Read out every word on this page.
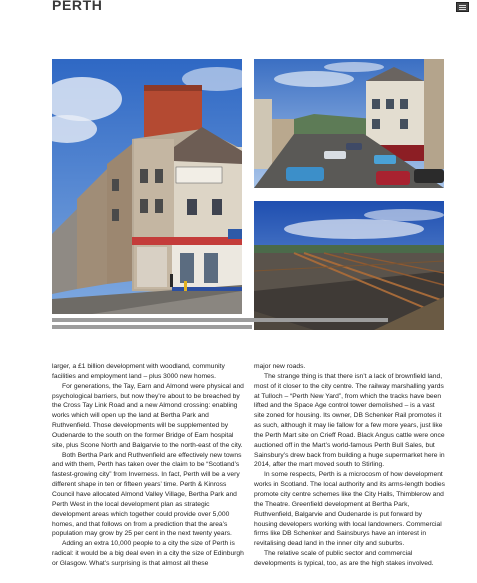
PERTH

larger, a £1 billion development with woodland, community facilities and employment land – plus 3000 new homes.

For generations, the Tay, Earn and Almond were physical and psychological barriers, but now they’re about to be breached by the Cross Tay Link Road and a new Almond crossing: enabling works which will open up the land at Bertha Park and Ruthvenfield. Those developments will be supplemented by Oudenarde to the south on the former Bridge of Earn hospital site, plus Scone North and Balgarvie to the north-east of the city.

Both Bertha Park and Ruthvenfield are effectively new towns and with them, Perth has taken over the claim to be “Scotland’s fastest-growing city” from Inverness. In fact, Perth will be a very different shape in ten or fifteen years’ time. Perth & Kinross Council have allocated Almond Valley Village, Bertha Park and Perth West in the local development plan as strategic development areas which together could provide over 5,000 homes, and that follows on from a prediction that the area’s population may grow by 25 per cent in the next twenty years.

Adding an extra 10,000 people to a city the size of Perth is radical: it would be a big deal even in a city the size of Edinburgh or Glasgow. What’s surprising is that almost all these

major new roads.

The strange thing is that there isn’t a lack of brownfield land, most of it closer to the city centre. The railway marshalling yards at Tulloch – “Perth New Yard”, from which the tracks have been lifted and the Space Age control tower demolished – is a vast site zoned for housing. Its owner, DB Schenker Rail promotes it as such, although it may lie fallow for a few more years, just like the Perth Mart site on Crieff Road. Black Angus cattle were once auctioned off in the Mart’s world-famous Perth Bull Sales, but Sainsbury’s drew back from building a huge supermarket here in 2014, after the mart moved south to Stirling.

In some respects, Perth is a microcosm of how development works in Scotland. The local authority and its arms-length bodies promote city centre schemes like the City Halls, Thimblerow and the Theatre. Greenfield development at Bertha Park, Ruthvenfield, Balgarvie and Oudenarde is put forward by housing developers working with local landowners. Commercial firms like DB Schenker and Sainsburys have an interest in revitalising dead land in the inner city and suburbs.

The relative scale of public sector and commercial developments is typical, too, as are the high stakes involved.
